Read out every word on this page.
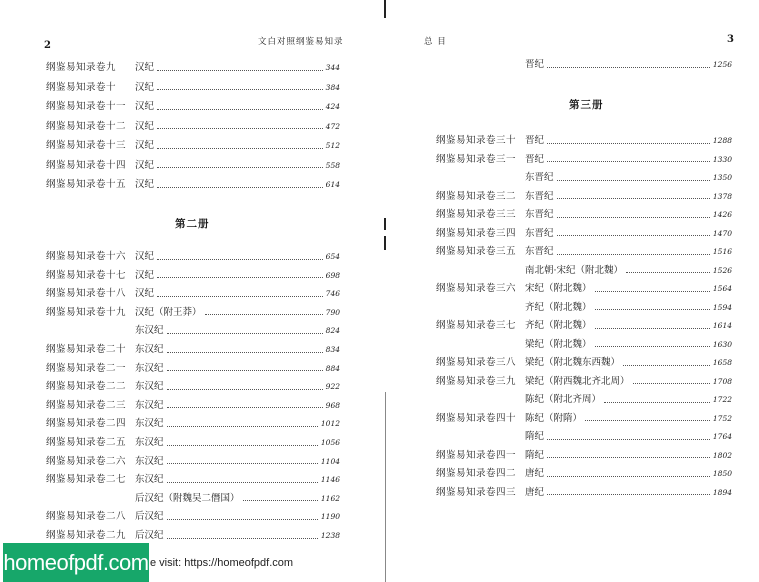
2	文白对照纲鉴易知录
纲鉴易知录卷九	汉纪	344
纲鉴易知录卷十	汉纪	384
纲鉴易知录卷十一 汉纪	424
纲鉴易知录卷十二 汉纪	472
纲鉴易知录卷十三 汉纪	512
纲鉴易知录卷十四 汉纪	558
纲鉴易知录卷十五 汉纪	614
第二册
纲鉴易知录卷十六 汉纪	654
纲鉴易知录卷十七 汉纪	698
纲鉴易知录卷十八 汉纪	746
纲鉴易知录卷十九 汉纪（附王莽）	790
东汉纪	824
纲鉴易知录卷二十 东汉纪	834
纲鉴易知录卷二一 东汉纪	884
纲鉴易知录卷二二 东汉纪	922
纲鉴易知录卷二三 东汉纪	968
纲鉴易知录卷二四 东汉纪	1012
纲鉴易知录卷二五 东汉纪	1056
纲鉴易知录卷二六 东汉纪	1104
纲鉴易知录卷二七 东汉纪	1146
后汉纪（附魏吴二僭国）	1162
纲鉴易知录卷二八 后汉纪	1190
纲鉴易知录卷二九 后汉纪	1238
总 目	3
晋纪	1256
第三册
纲鉴易知录卷三十 晋纪	1288
纲鉴易知录卷三一 晋纪	1330
东晋纪	1350
纲鉴易知录卷三二 东晋纪	1378
纲鉴易知录卷三三 东晋纪	1426
纲鉴易知录卷三四 东晋纪	1470
纲鉴易知录卷三五 东晋纪	1516
南北朝·宋纪（附北魏）	1526
纲鉴易知录卷三六 宋纪（附北魏）	1564
齐纪（附北魏）	1594
纲鉴易知录卷三七 齐纪（附北魏）	1614
梁纪（附北魏）	1630
纲鉴易知录卷三八 梁纪（附北魏东西魏）	1658
纲鉴易知录卷三九 梁纪（附西魏北齐北周）	1708
陈纪（附北齐周）	1722
纲鉴易知录卷四十 陈纪（附隋）	1752
隋纪	1764
纲鉴易知录卷四一 隋纪	1802
纲鉴易知录卷四二 唐纪	1850
纲鉴易知录卷四三 唐纪	1894
homeofpdf.com e visit: https://homeofpdf.com
